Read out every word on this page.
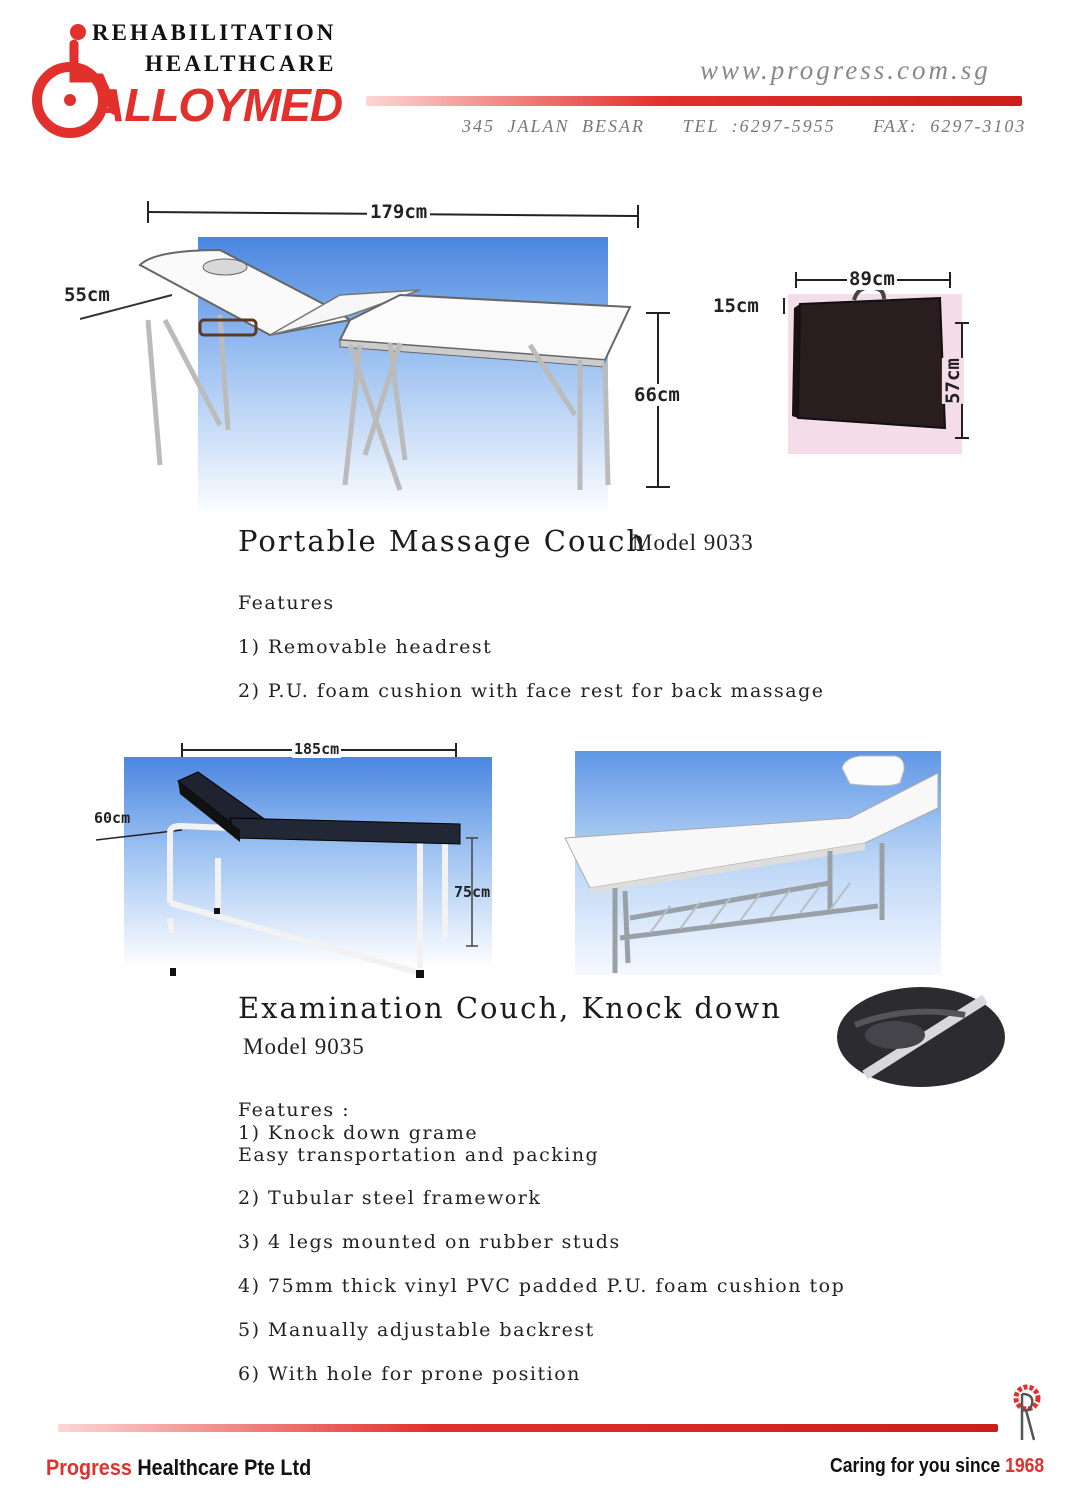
REHABILITATION
HEALTHCARE
ALLOYMED
www.progress.com.sg
345 JALAN BESAR TEL :6297-5955 FAX: 6297-3103
179cm
55cm
66cm
89cm
15cm
57cm
Portable Massage Couch
Model 9033
Features
1) Removable headrest
2) P.U. foam cushion with face rest for back massage
185cm
60cm
75cm
Examination Couch, Knock down
Model 9035
Features :
1) Knock down grame
Easy transportation and packing
2) Tubular steel framework
3) 4 legs mounted on rubber studs
4) 75mm thick vinyl PVC padded P.U. foam cushion top
5) Manually adjustable backrest
6) With hole for prone position
Progress Healthcare Pte Ltd	Caring for you since 1968
